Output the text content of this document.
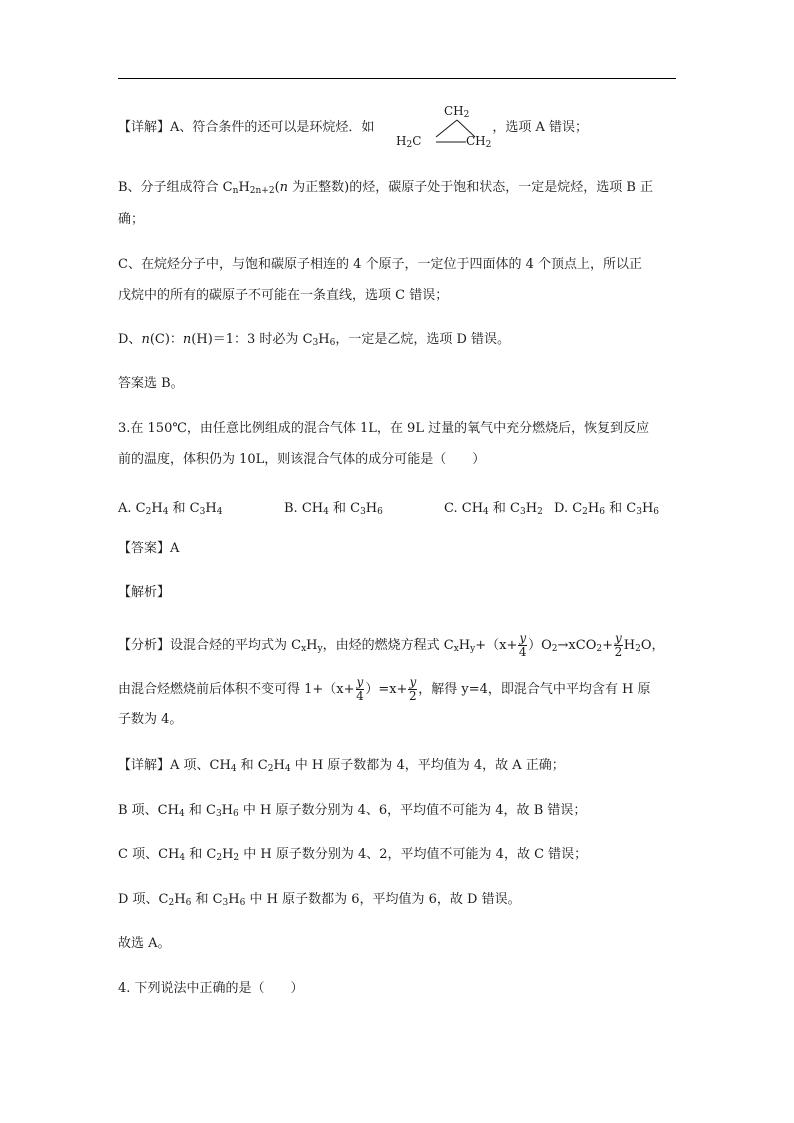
【详解】A、符合条件的还可以是环烷烃．如	，选项 A 错误；
$CH_2$
$H_2C$	$CH_2$
B、分子组成符合 $C_nH_{2n+2}(n$ 为正整数)的烃，碳原子处于饱和状态，一定是烷烃，选项 B 正
确；
C、在烷烃分子中，与饱和碳原子相连的 4 个原子，一定位于四面体的 4 个顶点上，所以正
戊烷中的所有的碳原子不可能在一条直线，选项 C 错误；
D、n(C)：n(H)＝1：3 时必为 $C_3H_6$，一定是乙烷，选项 D 错误。
答案选 B。
3.在 150℃，由任意比例组成的混合气体 1L，在 9L 过量的氧气中充分燃烧后，恢复到反应
前的温度，体积仍为 10L，则该混合气体的成分可能是（　　）
A. $C_2H_4$ 和 $C_3H_4$	B. $CH_4$ 和 $C_3H_6$	C. $CH_4$ 和 $C_3H_2$ D. $C_2H_6$ 和 $C_3H_6$
【答案】A
【解析】
【分析】设混合烃的平均式为 $C_xH_y$，由烃的燃烧方程式 $C_xH_y+(x+ \frac{y}{4} )O_2\to xCO_2+ \frac{y}{2} H_2O$，
由混合烃燃烧前后体积不变可得 $1+(x+ \frac{y}{4} )=x+ \frac{y}{2}$ ，解得 y=4，即混合气中平均含有 H 原
子数为 4。
【详解】A 项、$CH_4$ 和 $C_2H_4$ 中 H 原子数都为 4，平均值为 4，故 A 正确；
B 项、$CH_4$ 和 $C_3H_6$ 中 H 原子数分别为 4、6，平均值不可能为 4，故 B 错误；
C 项、$CH_4$ 和 $C_2H_2$ 中 H 原子数分别为 4、2，平均值不可能为 4，故 C 错误；
D 项、$C_2H_6$ 和 $C_3H_6$ 中 H 原子数都为 6，平均值为 6，故 D 错误。
故选 A。
4. 下列说法中正确的是（　　）
